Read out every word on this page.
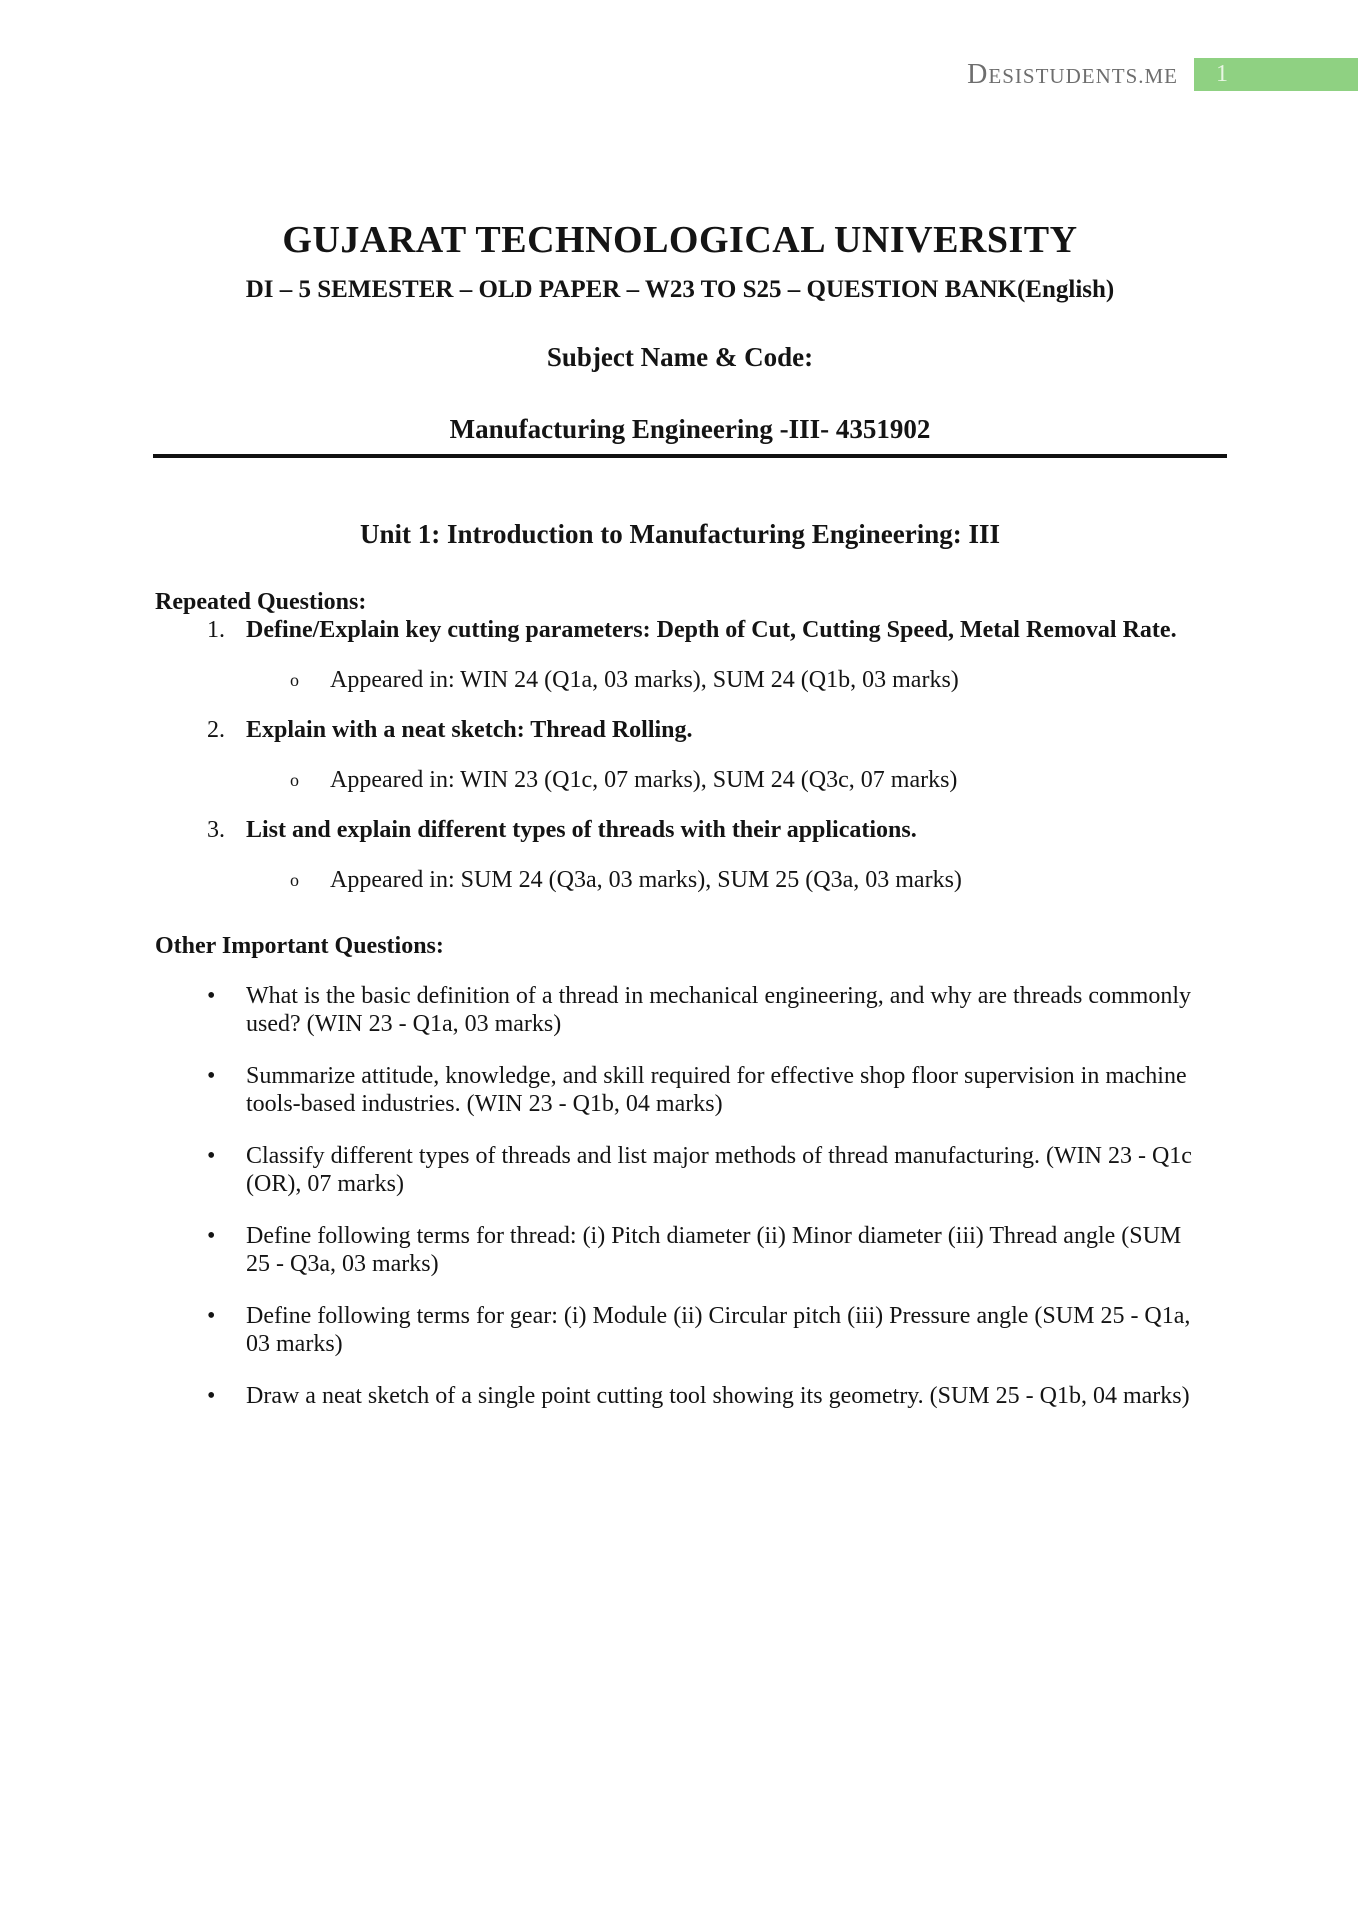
DESISTUDENTS.ME 1
GUJARAT TECHNOLOGICAL UNIVERSITY
DI – 5 SEMESTER – OLD PAPER – W23 TO S25 – QUESTION BANK(English)
Subject Name & Code:
Manufacturing Engineering -III- 4351902
Unit 1: Introduction to Manufacturing Engineering: III
Repeated Questions:
1. Define/Explain key cutting parameters: Depth of Cut, Cutting Speed, Metal Removal Rate.
o	Appeared in: WIN 24 (Q1a, 03 marks), SUM 24 (Q1b, 03 marks)
2. Explain with a neat sketch: Thread Rolling.
o	Appeared in: WIN 23 (Q1c, 07 marks), SUM 24 (Q3c, 07 marks)
3. List and explain different types of threads with their applications.
o	Appeared in: SUM 24 (Q3a, 03 marks), SUM 25 (Q3a, 03 marks)
Other Important Questions:
•	What is the basic definition of a thread in mechanical engineering, and why are threads commonly used? (WIN 23 - Q1a, 03 marks)
•	Summarize attitude, knowledge, and skill required for effective shop floor supervision in machine tools-based industries. (WIN 23 - Q1b, 04 marks)
•	Classify different types of threads and list major methods of thread manufacturing. (WIN 23 - Q1c (OR), 07 marks)
•	Define following terms for thread: (i) Pitch diameter (ii) Minor diameter (iii) Thread angle (SUM 25 - Q3a, 03 marks)
•	Define following terms for gear: (i) Module (ii) Circular pitch (iii) Pressure angle (SUM 25 - Q1a, 03 marks)
•	Draw a neat sketch of a single point cutting tool showing its geometry. (SUM 25 - Q1b, 04 marks)
